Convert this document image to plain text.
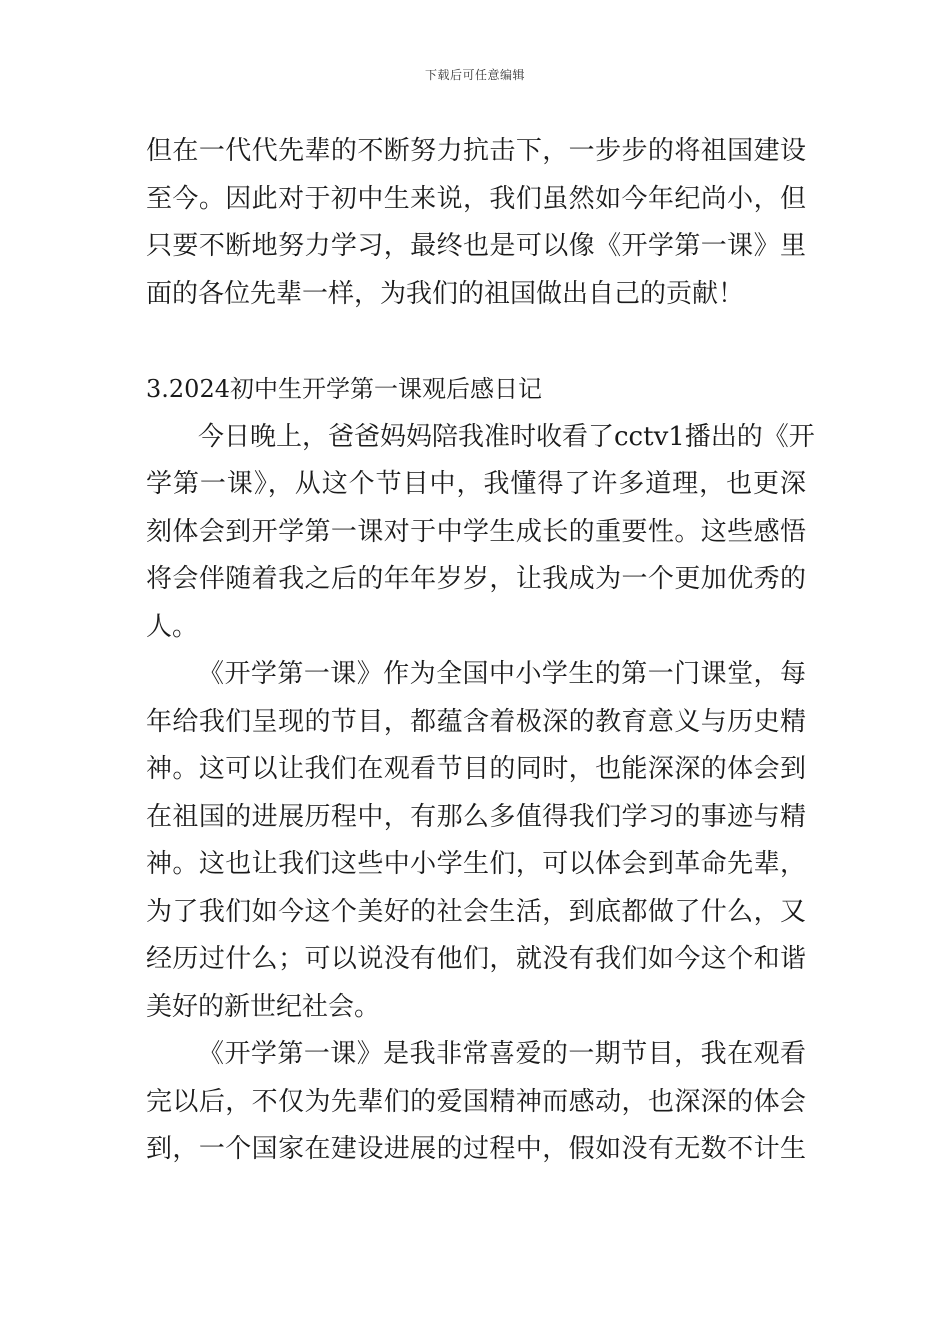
下载后可任意编辑
但在一代代先辈的不断努力抗击下，一步步的将祖国建设
至今。因此对于初中生来说，我们虽然如今年纪尚小，但
只要不断地努力学习，最终也是可以像《开学第一课》里
面的各位先辈一样，为我们的祖国做出自己的贡献！
3.2024初中生开学第一课观后感日记
今日晚上，爸爸妈妈陪我准时收看了cctv1播出的《开
学第一课》，从这个节目中，我懂得了许多道理，也更深
刻体会到开学第一课对于中学生成长的重要性。这些感悟
将会伴随着我之后的年年岁岁，让我成为一个更加优秀的
人。
《开学第一课》作为全国中小学生的第一门课堂，每
年给我们呈现的节目，都蕴含着极深的教育意义与历史精
神。这可以让我们在观看节目的同时，也能深深的体会到
在祖国的进展历程中，有那么多值得我们学习的事迹与精
神。这也让我们这些中小学生们，可以体会到革命先辈，
为了我们如今这个美好的社会生活，到底都做了什么，又
经历过什么；可以说没有他们，就没有我们如今这个和谐
美好的新世纪社会。
《开学第一课》是我非常喜爱的一期节目，我在观看
完以后，不仅为先辈们的爱国精神而感动，也深深的体会
到，一个国家在建设进展的过程中，假如没有无数不计生
